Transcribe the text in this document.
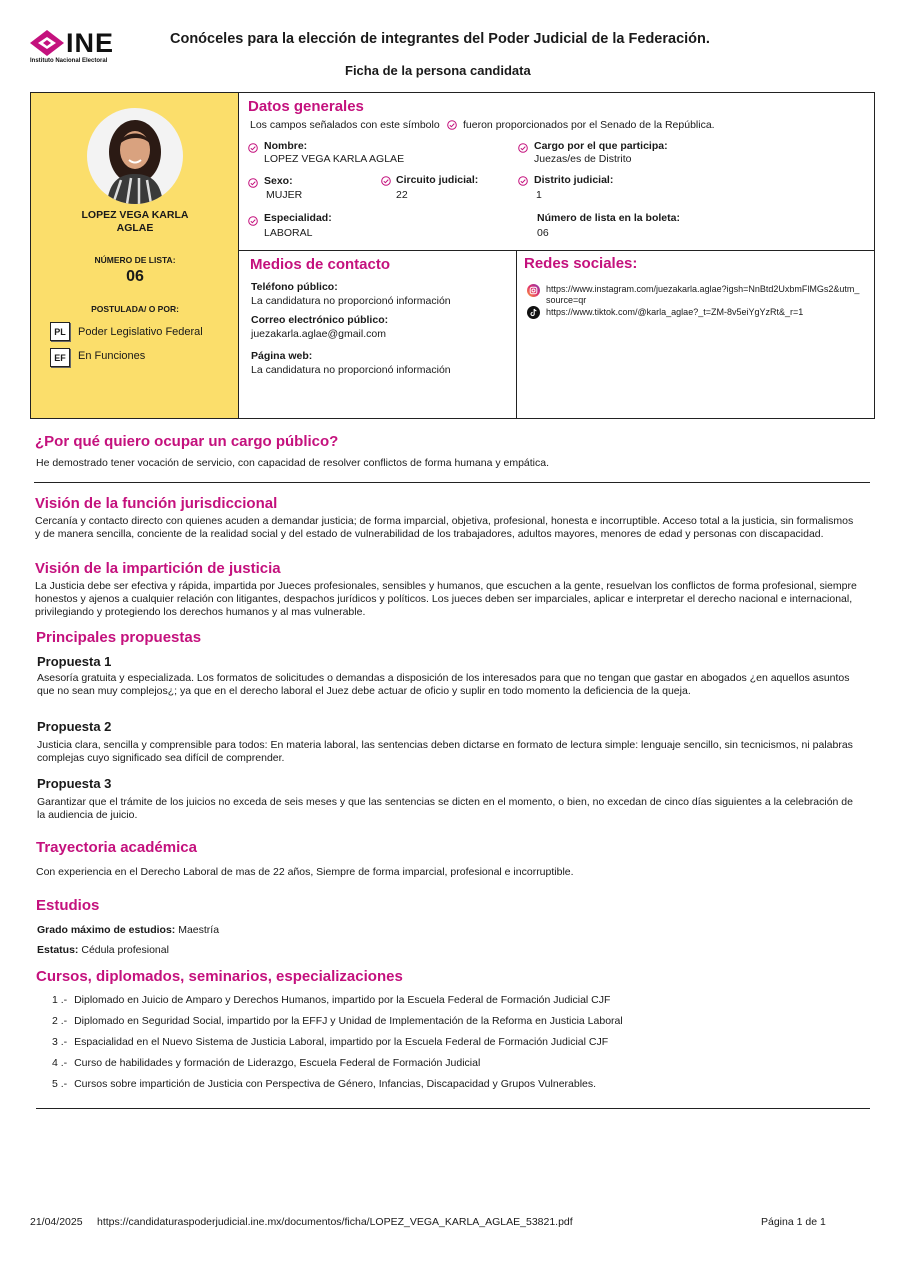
INE
Instituto Nacional Electoral
Conóceles para la elección de integrantes del Poder Judicial de la Federación.
Ficha de la persona candidata
LOPEZ VEGA KARLA AGLAE
NÚMERO DE LISTA:
06
POSTULADA/ O POR:
PL	Poder Legislativo Federal
EF	En Funciones
Datos generales
Los campos señalados con este símbolo fueron proporcionados por el Senado de la República.
Nombre:
LOPEZ VEGA KARLA AGLAE
Cargo por el que participa:
Juezas/es de Distrito
Sexo:
MUJER
Circuito judicial:
22
Distrito judicial:
1
Especialidad:
LABORAL
Número de lista en la boleta:
06
Medios de contacto
Teléfono público:
La candidatura no proporcionó información
Correo electrónico público:
juezakarla.aglae@gmail.com
Página web:
La candidatura no proporcionó información
Redes sociales:
https://www.instagram.com/juezakarla.aglae?igsh=NnBtd2UxbmFlMGs2&utm_
source=qr
https://www.tiktok.com/@karla_aglae?_t=ZM-8v5eiYgYzRt&_r=1
¿Por qué quiero ocupar un cargo público?
He demostrado tener vocación de servicio, con capacidad de resolver conflictos de forma humana y empática.
Visión de la función jurisdiccional
Cercanía y contacto directo con quienes acuden a demandar justicia; de forma imparcial, objetiva, profesional, honesta e incorruptible. Acceso total a la justicia, sin formalismos
y de manera sencilla, conciente de la realidad social y del estado de vulnerabilidad de los trabajadores, adultos mayores, menores de edad y personas con discapacidad.
Visión de la impartición de justicia
La Justicia debe ser efectiva y rápida, impartida por Jueces profesionales, sensibles y humanos, que escuchen a la gente, resuelvan los conflictos de forma profesional, siempre
honestos y ajenos a cualquier relación con litigantes, despachos jurídicos y políticos. Los jueces deben ser imparciales, aplicar e interpretar el derecho nacional e internacional,
privilegiando y protegiendo los derechos humanos y al mas vulnerable.
Principales propuestas
Propuesta 1
Asesoría gratuita y especializada. Los formatos de solicitudes o demandas a disposición de los interesados para que no tengan que gastar en abogados ¿en aquellos asuntos
que no sean muy complejos¿; ya que en el derecho laboral el Juez debe actuar de oficio y suplir en todo momento la deficiencia de la queja.
Propuesta 2
Justicia clara, sencilla y comprensible para todos: En materia laboral, las sentencias deben dictarse en formato de lectura simple: lenguaje sencillo, sin tecnicismos, ni palabras
complejas cuyo significado sea difícil de comprender.
Propuesta 3
Garantizar que el trámite de los juicios no exceda de seis meses y que las sentencias se dicten en el momento, o bien, no excedan de cinco días siguientes a la celebración de
la audiencia de juicio.
Trayectoria académica
Con experiencia en el Derecho Laboral de mas de 22 años, Siempre de forma imparcial, profesional e incorruptible.
Estudios
Grado máximo de estudios: Maestría
Estatus: Cédula profesional
Cursos, diplomados, seminarios, especializaciones
1 .- Diplomado en Juicio de Amparo y Derechos Humanos, impartido por la Escuela Federal de Formación Judicial CJF
2 .- Diplomado en Seguridad Social, impartido por la EFFJ y Unidad de Implementación de la Reforma en Justicia Laboral
3 .- Espacialidad en el Nuevo Sistema de Justicia Laboral, impartido por la Escuela Federal de Formación Judicial CJF
4 .- Curso de habilidades y formación de Liderazgo, Escuela Federal de Formación Judicial
5 .- Cursos sobre impartición de Justicia con Perspectiva de Género, Infancias, Discapacidad y Grupos Vulnerables.
21/04/2025 https://candidaturaspoderjudicial.ine.mx/documentos/ficha/LOPEZ_VEGA_KARLA_AGLAE_53821.pdf	Página 1 de 1
